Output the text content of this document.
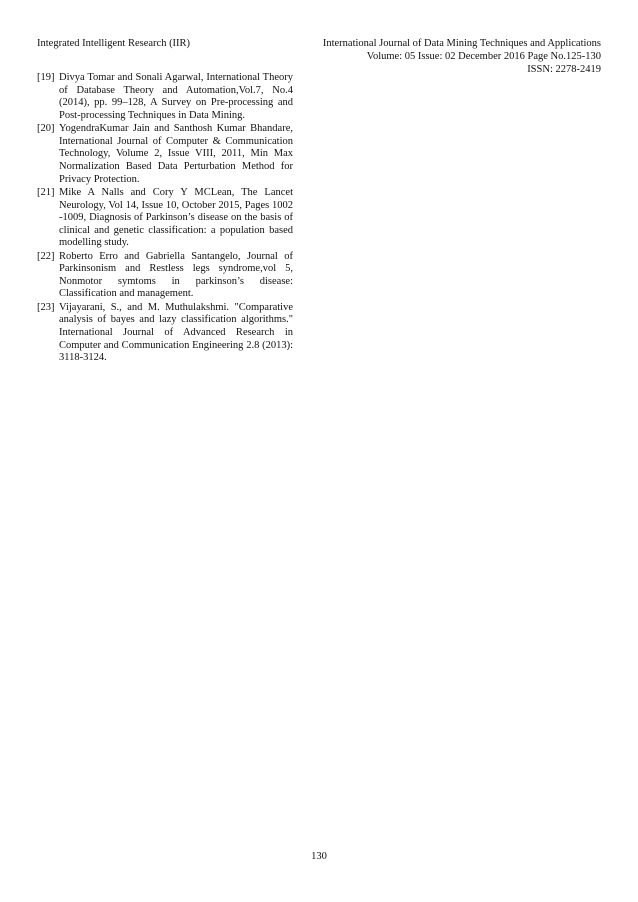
Integrated Intelligent Research (IIR)	International Journal of Data Mining Techniques and Applications
Volume: 05 Issue: 02 December 2016 Page No.125-130
ISSN: 2278-2419
[19] Divya Tomar and Sonali Agarwal, International Theory of Database Theory and Automation,Vol.7, No.4 (2014), pp. 99–128, A Survey on Pre-processing and Post-processing Techniques in Data Mining.
[20] YogendraKumar Jain and Santhosh Kumar Bhandare, International Journal of Computer & Communication Technology, Volume 2, Issue VIII, 2011, Min Max Normalization Based Data Perturbation Method for Privacy Protection.
[21] Mike A Nalls and Cory Y MCLean, The Lancet Neurology, Vol 14, Issue 10, October 2015, Pages 1002 -1009, Diagnosis of Parkinson’s disease on the basis of clinical and genetic classification: a population based modelling study.
[22] Roberto Erro and Gabriella Santangelo, Journal of Parkinsonism and Restless legs syndrome,vol 5, Nonmotor symtoms in parkinson’s disease: Classification and management.
[23] Vijayarani, S., and M. Muthulakshmi. "Comparative analysis of bayes and lazy classification algorithms." International Journal of Advanced Research in Computer and Communication Engineering 2.8 (2013): 3118-3124.
130
